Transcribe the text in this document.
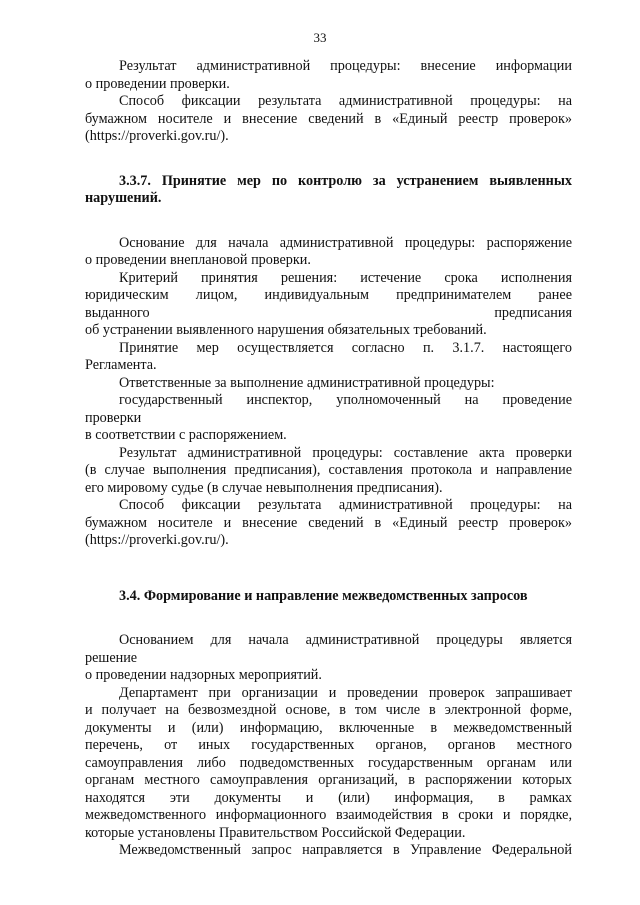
33

Результат административной процедуры: внесение информации

о проведении проверки.

Способ фиксации результата административной процедуры: на

бумажном носителе и внесение сведений в «Единый реестр проверок»

(https://proverki.gov.ru/).

3.3.7. Принятие мер по контролю за устранением выявленных

нарушений.

Основание для начала административной процедуры: распоряжение

о проведении внеплановой проверки.

Критерий принятия решения: истечение срока исполнения

юридическим лицом, индивидуальным предпринимателем ранее

выданного предписания

об устранении выявленного нарушения обязательных требований.

Принятие мер осуществляется согласно п. 3.1.7. настоящего

Регламента.

Ответственные за выполнение административной процедуры:

государственный инспектор, уполномоченный на проведение

проверки

в соответствии с распоряжением.

Результат административной процедуры: составление акта проверки

(в случае выполнения предписания), составления протокола и направление

его мировому судье (в случае невыполнения предписания).

Способ фиксации результата административной процедуры: на

бумажном носителе и внесение сведений в «Единый реестр проверок»

(https://proverki.gov.ru/).

3.4. Формирование и направление межведомственных запросов

Основанием для начала административной процедуры является

решение

о проведении надзорных мероприятий.

Департамент при организации и проведении проверок запрашивает

и получает на безвозмездной основе, в том числе в электронной форме,

документы и (или) информацию, включенные в межведомственный

перечень, от иных государственных органов, органов местного

самоуправления либо подведомственных государственным органам или

органам местного самоуправления организаций, в распоряжении которых

находятся эти документы и (или) информация, в рамках

межведомственного информационного взаимодействия в сроки и порядке,

которые установлены Правительством Российской Федерации.

Межведомственный запрос направляется в Управление Федеральной
